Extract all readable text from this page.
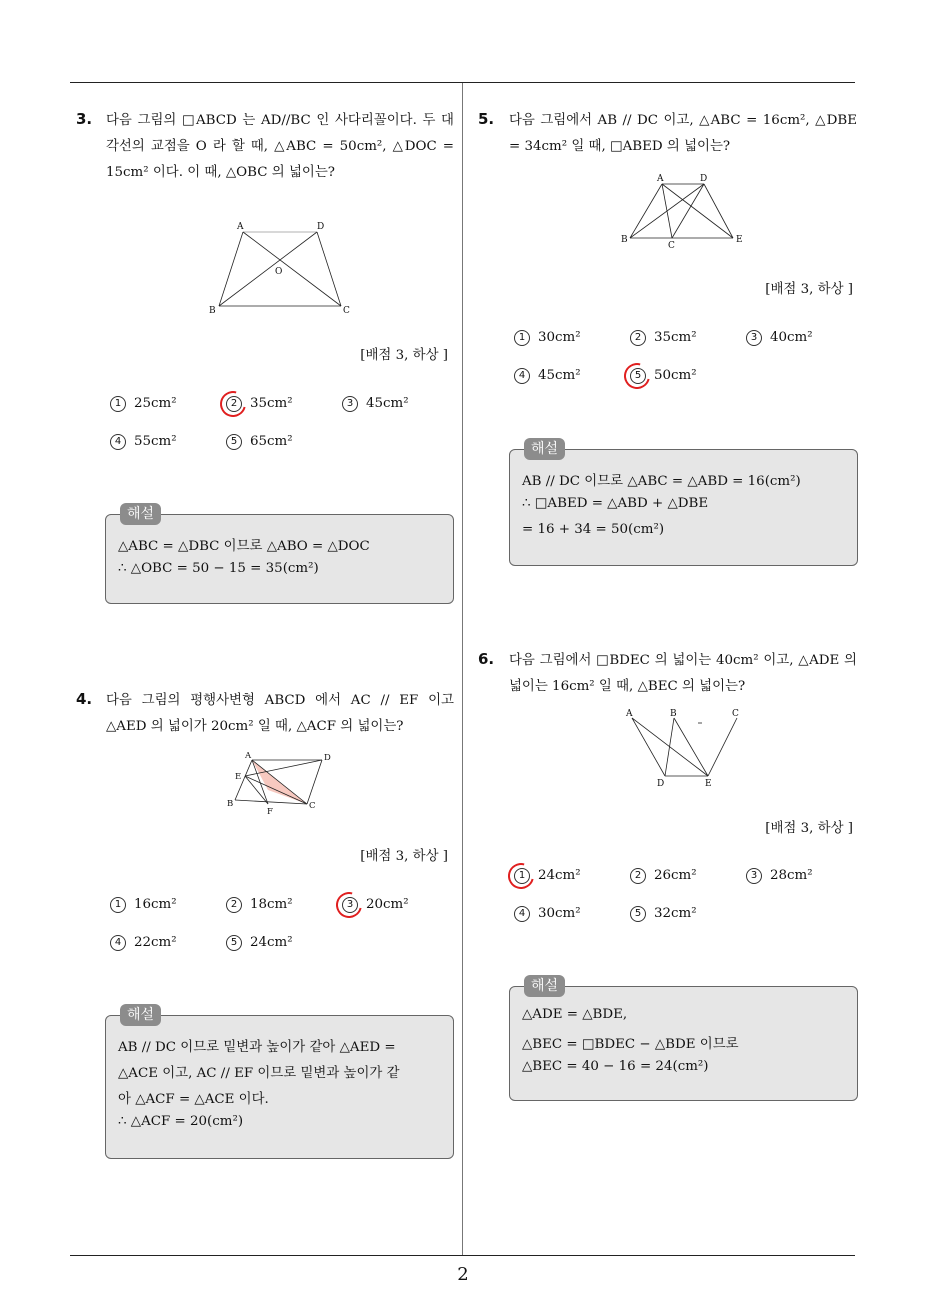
2
3. 다음 그림의 □ABCD 는 AD//BC 인 사다리꼴이다. 두 대각선의 교점을 O 라 할 때, △ABC = 50cm², △DOC = 15cm² 이다. 이 때, △OBC 의 넓이는?
A	D
O
B	C
[배점 3, 하상 ]
1 25cm²	2 35cm²	3 45cm²
4 55cm²	5 65cm²
해설
△ABC = △DBC 이므로 △ABO = △DOC
∴ △OBC = 50 − 15 = 35(cm²)
4. 다음 그림의 평행사변형 ABCD 에서 AC // EF 이고 △AED 의 넓이가 20cm² 일 때, △ACF 의 넓이는?
A	D
E
B
F
C
[배점 3, 하상 ]
1 16cm²	2 18cm²	3 20cm²
4 22cm²	5 24cm²
해설
AB // DC 이므로 밑변과 높이가 같아 △AED =
△ACE 이고, AC // EF 이므로 밑변과 높이가 같
아 △ACF = △ACE 이다.
∴ △ACF = 20(cm²)
5. 다음 그림에서 AB // DC 이고, △ABC = 16cm², △DBE = 34cm² 일 때, □ABED 의 넓이는?
A	D
B
C
E
[배점 3, 하상 ]
1 30cm²	2 35cm²	3 40cm²
4 45cm²	5 50cm²
해설
AB // DC 이므로 △ABC = △ABD = 16(cm²)
∴ □ABED = △ABD + △DBE
= 16 + 34 = 50(cm²)
6. 다음 그림에서 □BDEC 의 넓이는 40cm² 이고, △ADE 의 넓이는 16cm² 일 때, △BEC 의 넓이는?
A	B	C
D	E
[배점 3, 하상 ]
1 24cm²	2 26cm²	3 28cm²
4 30cm²	5 32cm²
해설
△ADE = △BDE,
△BEC = □BDEC − △BDE 이므로
△BEC = 40 − 16 = 24(cm²)
